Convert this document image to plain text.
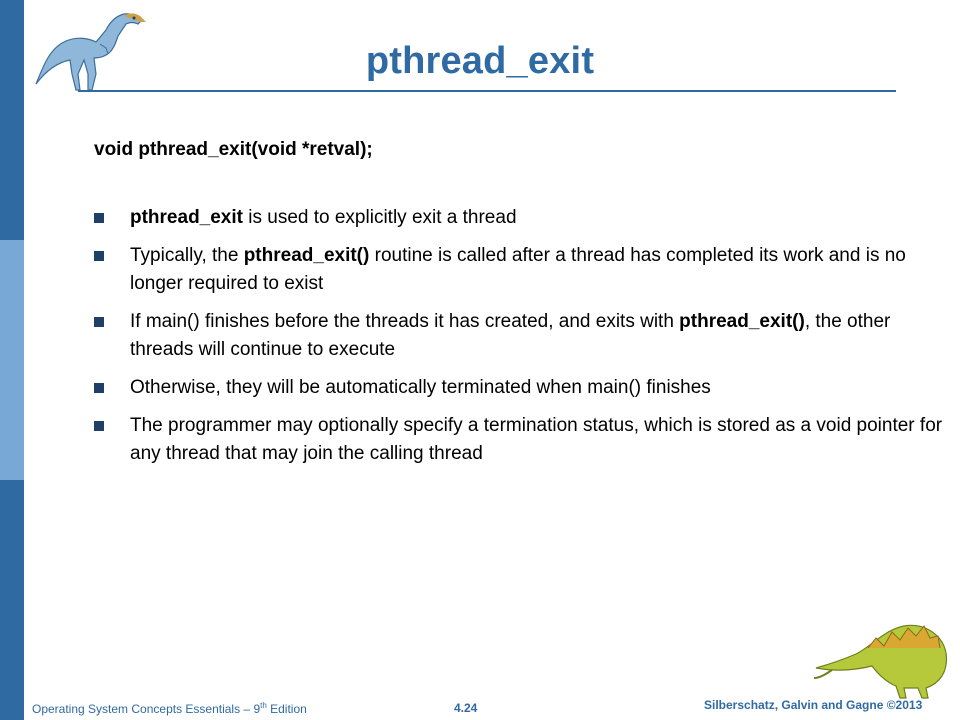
pthread_exit
void pthread_exit(void *retval);
pthread_exit is used to explicitly exit a thread
Typically, the pthread_exit() routine is called after a thread has completed its work and is no longer required to exist
If main() finishes before the threads it has created, and exits with pthread_exit(), the other threads will continue to execute
Otherwise, they will be automatically terminated when main() finishes
The programmer may optionally specify a termination status, which is stored as a void pointer for any thread that may join the calling thread
Operating System Concepts Essentials – 9th Edition	4.24	Silberschatz, Galvin and Gagne ©2013
